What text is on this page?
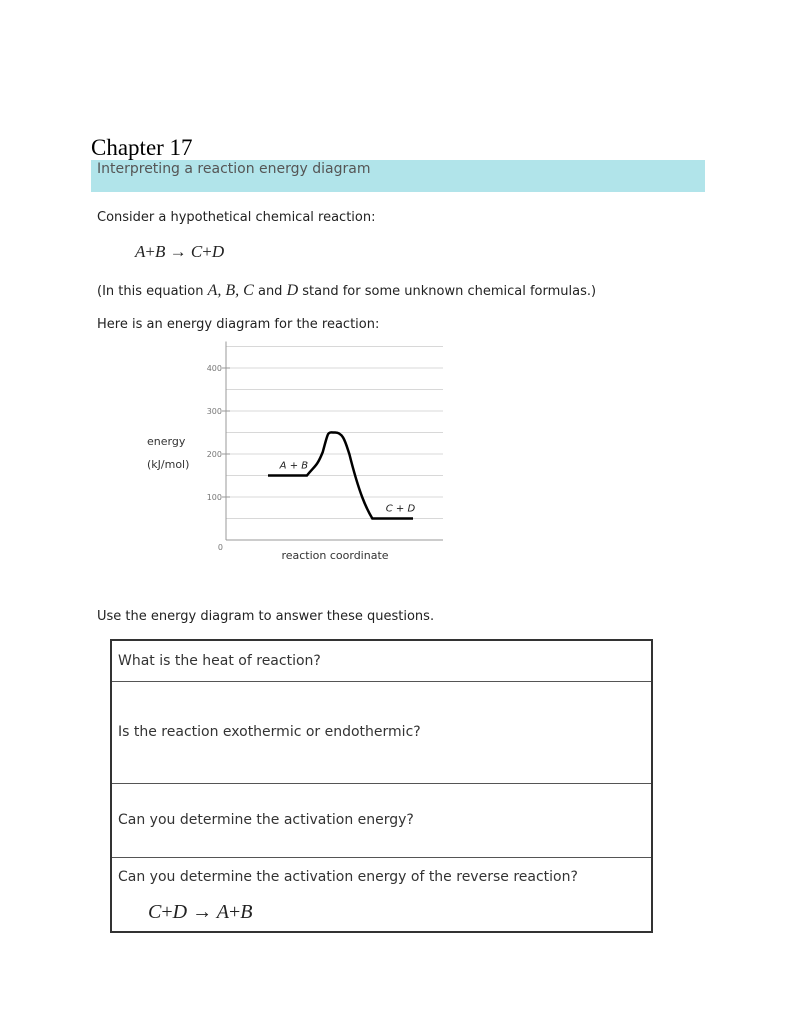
Chapter 17
Interpreting a reaction energy diagram
Consider a hypothetical chemical reaction:
A+B → C+D
(In this equation A, B, C and D stand for some unknown chemical formulas.)
Here is an energy diagram for the reaction:
0
100
200
300
400
energy
(kJ/mol)
reaction coordinate
A + B
C + D
Use the energy diagram to answer these questions.
What is the heat of reaction?
Is the reaction exothermic or endothermic?
Can you determine the activation energy?
Can you determine the activation energy of the reverse reaction?
C+D → A+B
